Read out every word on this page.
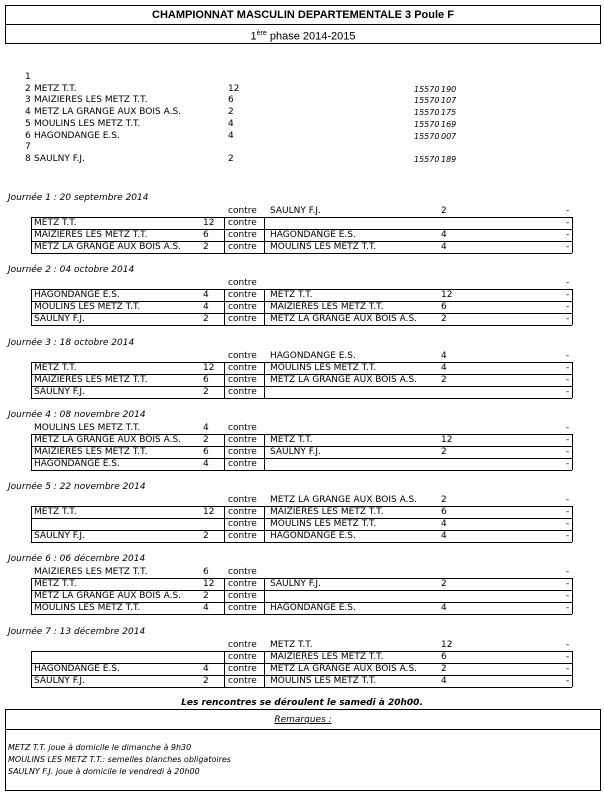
CHAMPIONNAT MASCULIN DEPARTEMENTALE 3 Poule F
1ère phase 2014-2015
1
2 METZ T.T.	12	15570 190
3 MAIZIERES LES METZ T.T.	6	15570 107
4 METZ LA GRANGE AUX BOIS A.S.	2	15570 175
5 MOULINS LES METZ T.T.	4	15570 169
6 HAGONDANGE E.S.	4	15570 007
7
8 SAULNY F.J.	2	15570 189
Journée 1 : 20 septembre 2014
contre SAULNY F.J.	2	-
METZ T.T.	12 contre	-
MAIZIERES LES METZ T.T.	6 contre HAGONDANGE E.S.	4	-
METZ LA GRANGE AUX BOIS A.S. 2 contre MOULINS LES METZ T.T.	4	-
Journée 2 : 04 octobre 2014
contre	-
HAGONDANGE E.S.	4 contre METZ T.T.	12	-
MOULINS LES METZ T.T.	4 contre MAIZIERES LES METZ T.T.	6	-
SAULNY F.J.	2 contre METZ LA GRANGE AUX BOIS A.S.	2	-
Journée 3 : 18 octobre 2014
contre HAGONDANGE E.S.	4	-
METZ T.T.	12 contre MOULINS LES METZ T.T.	4	-
MAIZIERES LES METZ T.T.	6 contre METZ LA GRANGE AUX BOIS A.S.	2	-
SAULNY F.J.	2 contre	-
Journée 4 : 08 novembre 2014
MOULINS LES METZ T.T.	4 contre	-
METZ LA GRANGE AUX BOIS A.S. 2 contre METZ T.T.	12	-
MAIZIERES LES METZ T.T.	6 contre SAULNY F.J.	2	-
HAGONDANGE E.S.	4 contre	-
Journée 5 : 22 novembre 2014
contre METZ LA GRANGE AUX BOIS A.S.	2	-
METZ T.T.	12 contre MAIZIERES LES METZ T.T.	6	-
contre MOULINS LES METZ T.T.	4	-
SAULNY F.J.	2 contre HAGONDANGE E.S.	4	-
Journée 6 : 06 décembre 2014
MAIZIERES LES METZ T.T.	6 contre	-
METZ T.T.	12 contre SAULNY F.J.	2	-
METZ LA GRANGE AUX BOIS A.S. 2 contre	-
MOULINS LES METZ T.T.	4 contre HAGONDANGE E.S.	4	-
Journée 7 : 13 décembre 2014
contre METZ T.T.	12	-
contre MAIZIERES LES METZ T.T.	6	-
HAGONDANGE E.S.	4 contre METZ LA GRANGE AUX BOIS A.S.	2	-
SAULNY F.J.	2 contre MOULINS LES METZ T.T.	4	-
Les rencontres se déroulent le samedi à 20h00.
Remarques :
METZ T.T. joue à domicile le dimanche à 9h30
MOULINS LES METZ T.T.: semelles blanches obligatoires
SAULNY F.J. joue à domicile le vendredi à 20h00
